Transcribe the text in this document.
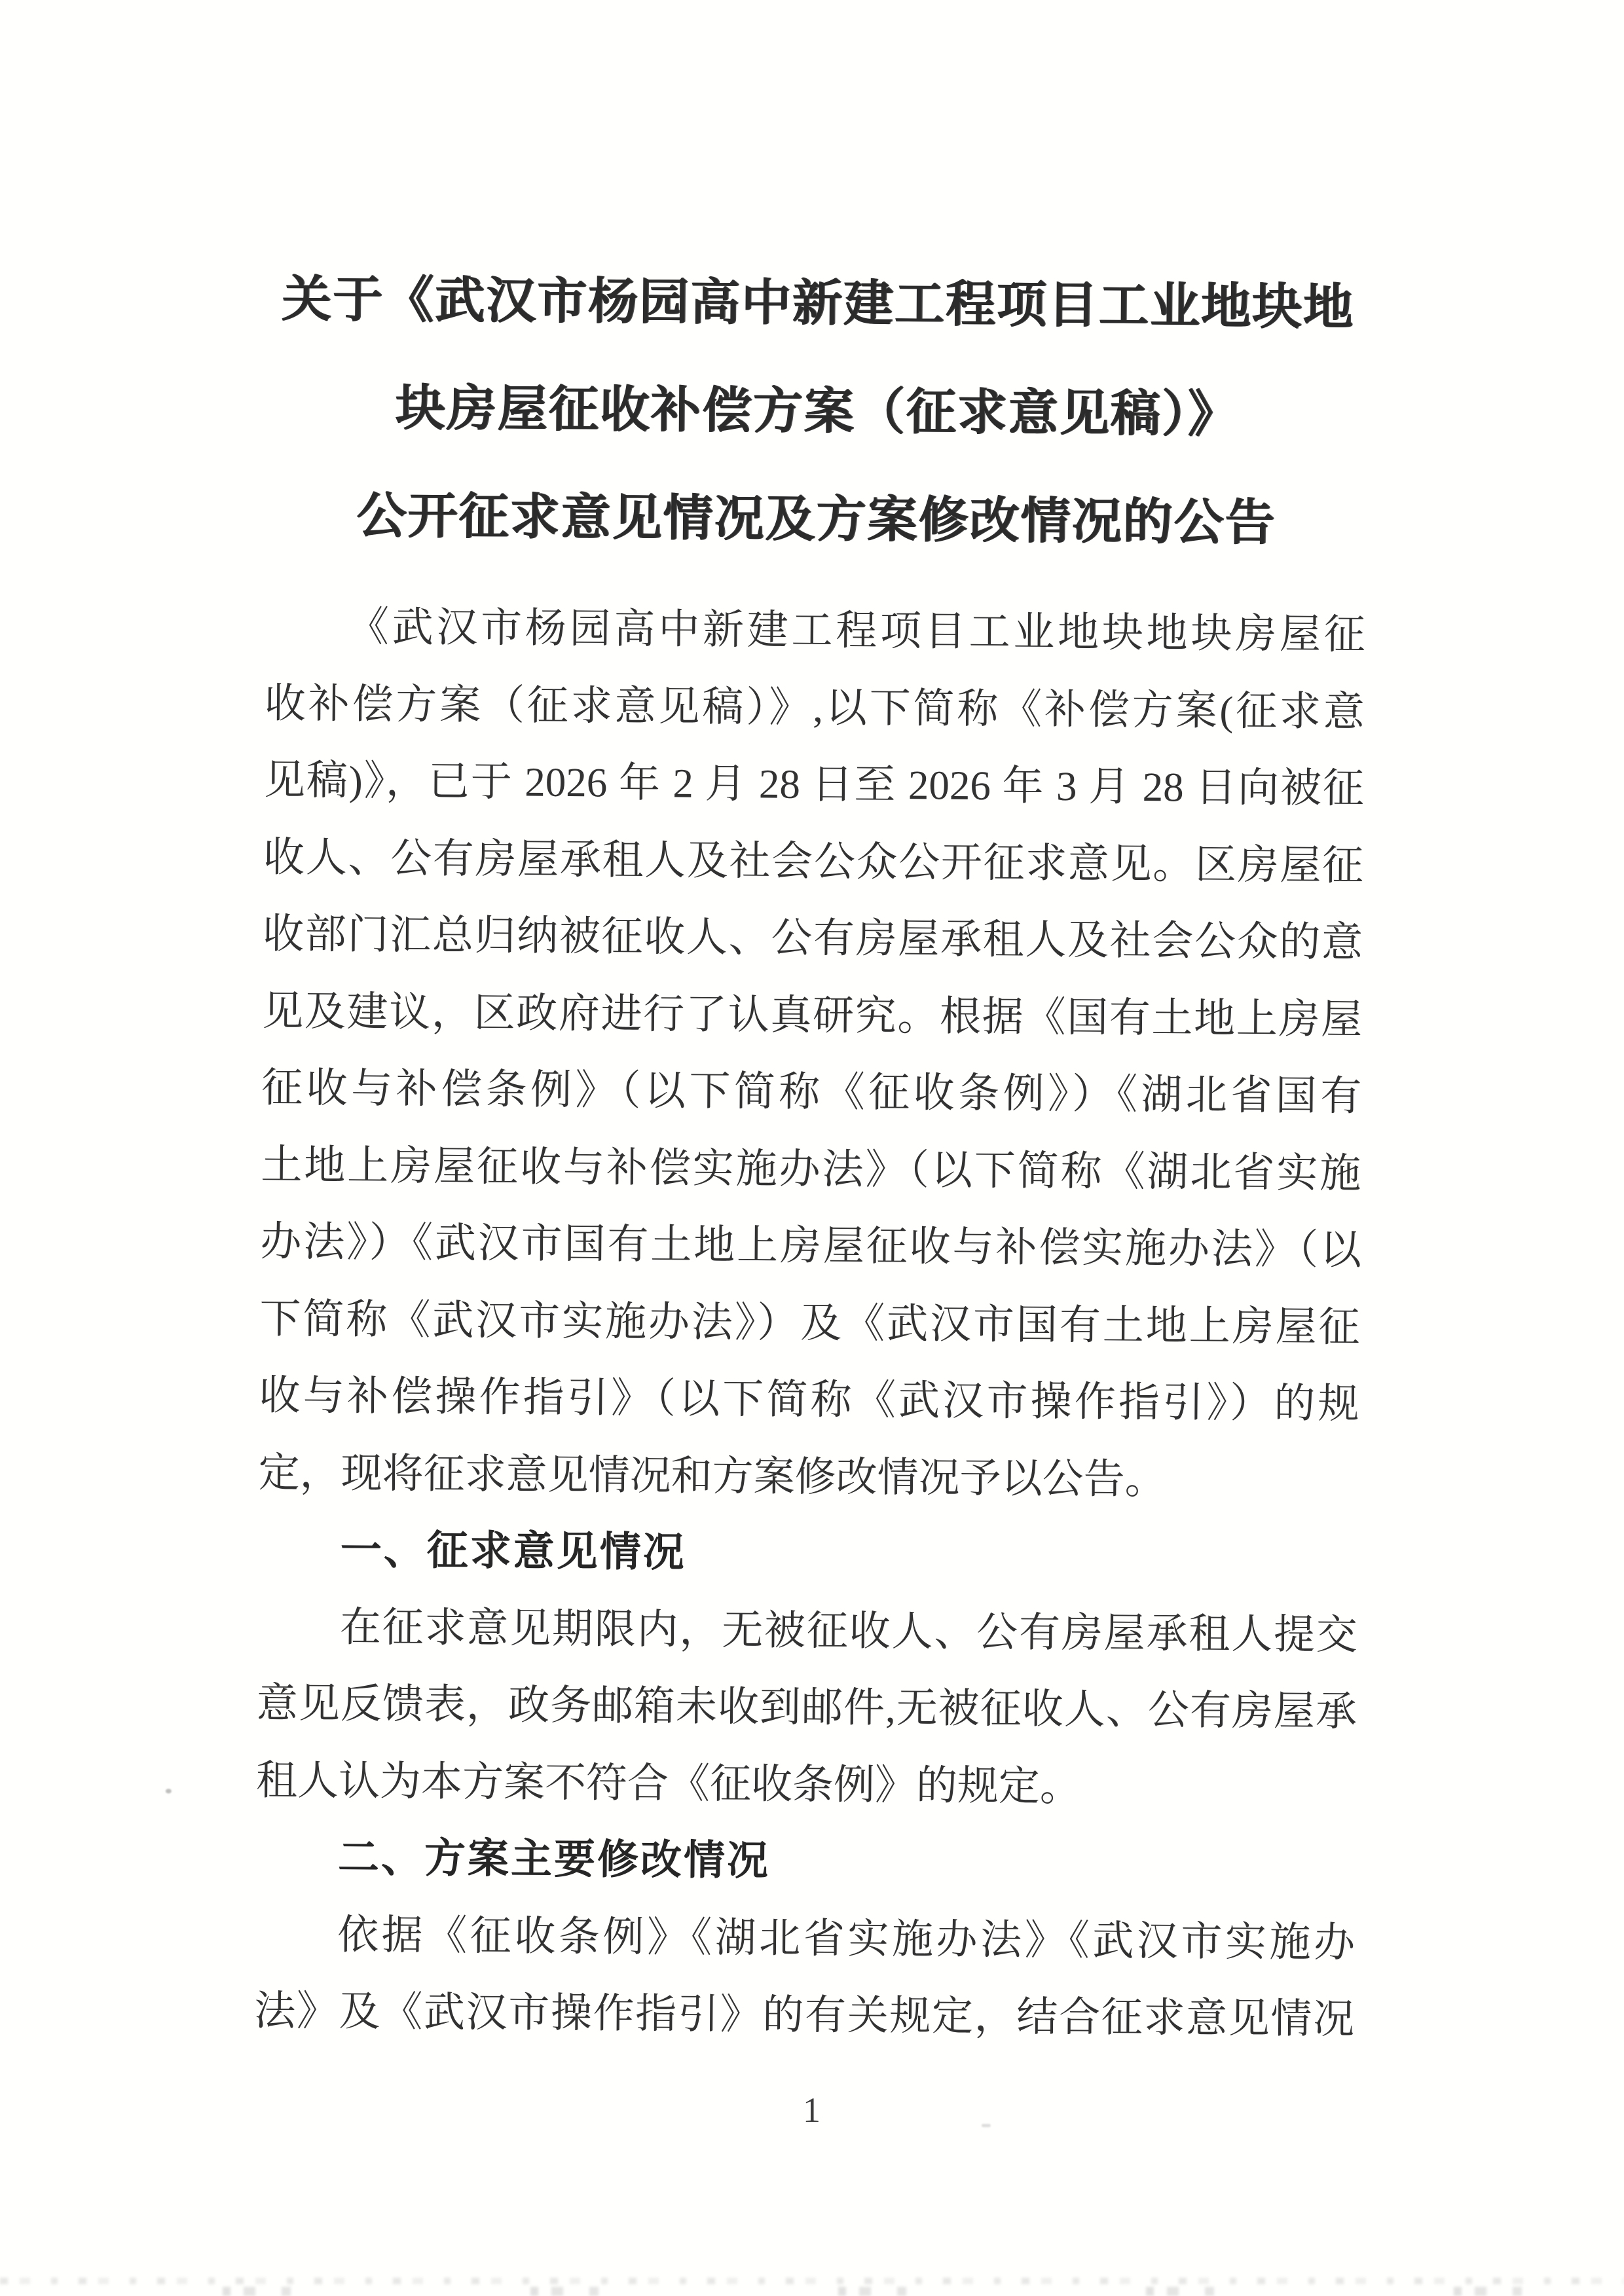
关于《武汉市杨园高中新建工程项目工业地块地
块房屋征收补偿方案（征求意见稿）》
公开征求意见情况及方案修改情况的公告
《武汉市杨园高中新建工程项目工业地块地块房屋征
收补偿方案（征求意见稿）》,以下简称《补偿方案(征求意
见稿)》，已于 2026 年 2 月 28 日至 2026 年 3 月 28 日向被征
收人、公有房屋承租人及社会公众公开征求意见。区房屋征
收部门汇总归纳被征收人、公有房屋承租人及社会公众的意
见及建议，区政府进行了认真研究。根据《国有土地上房屋
征收与补偿条例》（以下简称《征收条例》）《湖北省国有
土地上房屋征收与补偿实施办法》（以下简称《湖北省实施
办法》）《武汉市国有土地上房屋征收与补偿实施办法》（以
下简称《武汉市实施办法》）及《武汉市国有土地上房屋征
收与补偿操作指引》（以下简称《武汉市操作指引》）的规
定，现将征求意见情况和方案修改情况予以公告。
一、征求意见情况
在征求意见期限内，无被征收人、公有房屋承租人提交
意见反馈表，政务邮箱未收到邮件,无被征收人、公有房屋承
租人认为本方案不符合《征收条例》的规定。
二、方案主要修改情况
依据《征收条例》《湖北省实施办法》《武汉市实施办
法》及《武汉市操作指引》的有关规定，结合征求意见情况
1
